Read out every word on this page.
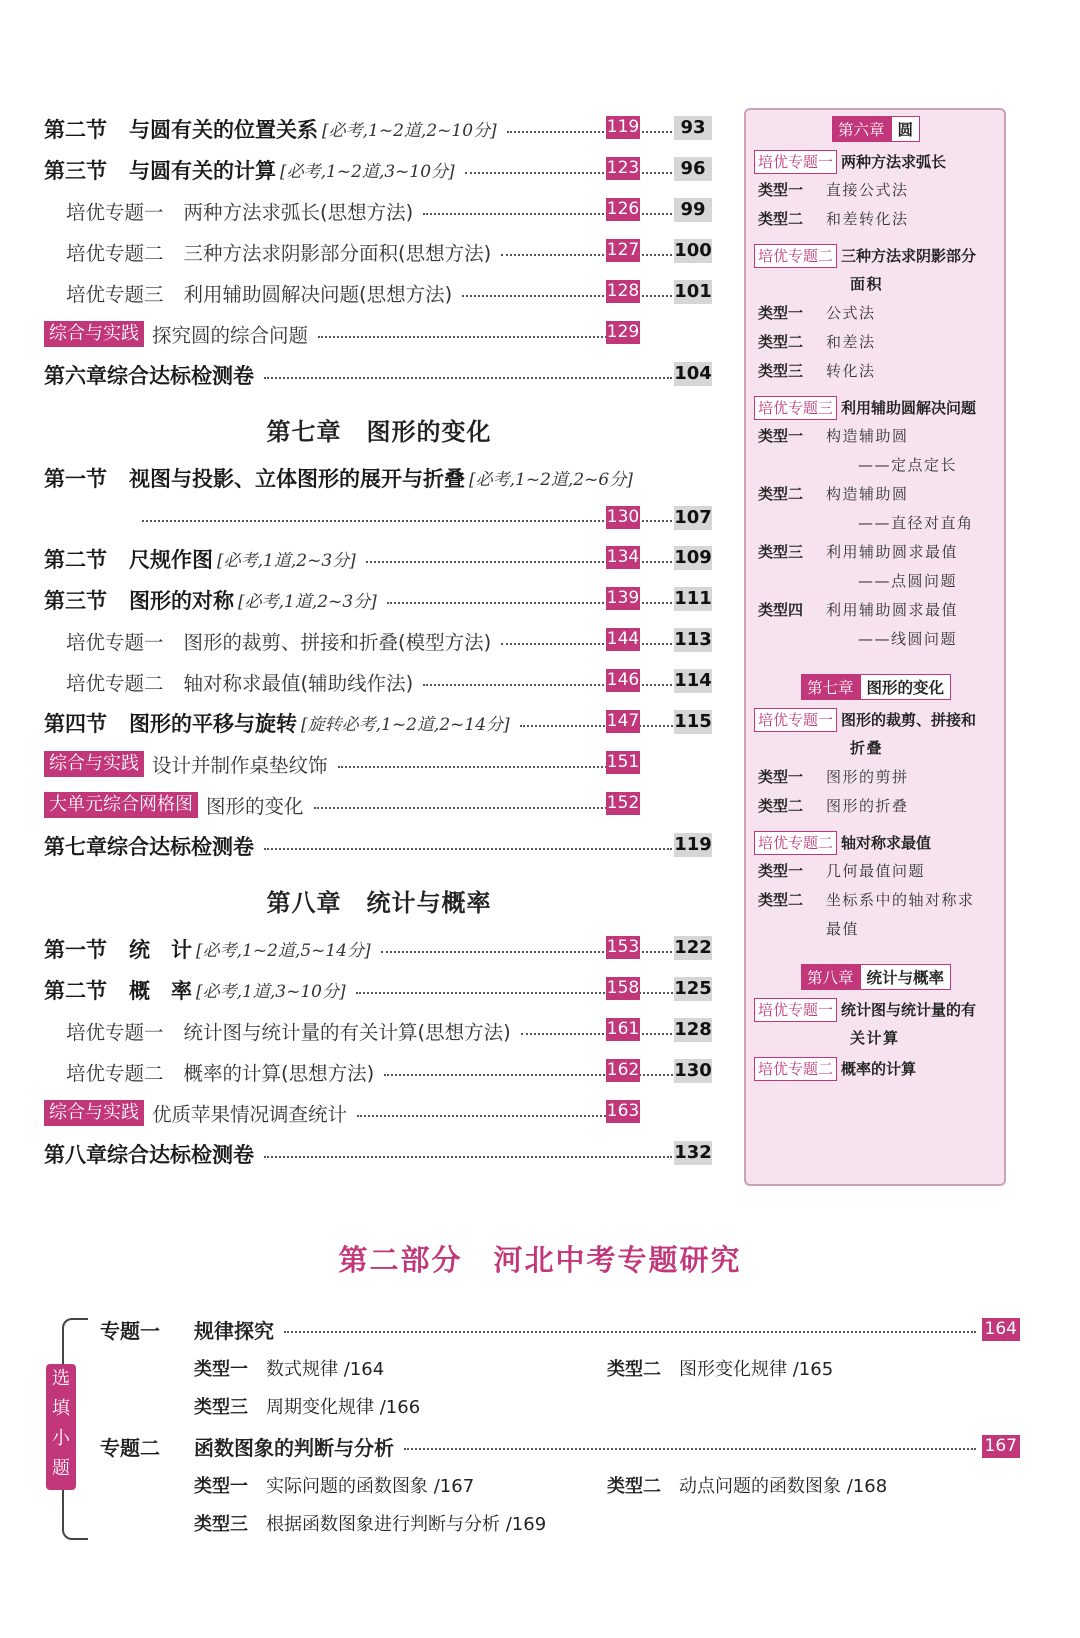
第二节 与圆有关的位置关系 [必考,1~2道,2~10分]	119	93
第三节 与圆有关的计算 [必考,1~2道,3~10分]	123	96
培优专题一 两种方法求弧长(思想方法)	126	99
培优专题二 三种方法求阴影部分面积(思想方法)	127 100
培优专题三 利用辅助圆解决问题(思想方法)	128 101
综合与实践 探究圆的综合问题	129
第六章综合达标检测卷	104
第七章　图形的变化
第一节 视图与投影、立体图形的展开与折叠 [必考,1~2道,2~6分]
130 107
第二节 尺规作图 [必考,1道,2~3分]	134 109
第三节 图形的对称 [必考,1道,2~3分]	139 111
培优专题一 图形的裁剪、拼接和折叠(模型方法)	144 113
培优专题二 轴对称求最值(辅助线作法)	146 114
第四节 图形的平移与旋转 [旋转必考,1~2道,2~14分]	147 115
综合与实践 设计并制作桌垫纹饰	151
大单元综合网格图 图形的变化	152
第七章综合达标检测卷	119
第八章　统计与概率
第一节 统　计 [必考,1~2道,5~14分]	153 122
第二节 概　率 [必考,1道,3~10分]	158 125
培优专题一 统计图与统计量的有关计算(思想方法)	161 128
培优专题二 概率的计算(思想方法)	162 130
综合与实践 优质苹果情况调查统计	163
第八章综合达标检测卷	132
第六章 圆
培优专题一 两种方法求弧长
类型一	直接公式法
类型二	和差转化法
培优专题二 三种方法求阴影部分
面积
类型一	公式法
类型二	和差法
类型三	转化法
培优专题三 利用辅助圆解决问题
类型一	构造辅助圆
——定点定长
类型二	构造辅助圆
——直径对直角
类型三	利用辅助圆求最值
——点圆问题
类型四	利用辅助圆求最值
——线圆问题
第七章 图形的变化
培优专题一 图形的裁剪、拼接和
折叠
类型一	图形的剪拼
类型二	图形的折叠
培优专题二 轴对称求最值
类型一	几何最值问题
类型二	坐标系中的轴对称求
最值
第八章 统计与概率
培优专题一 统计图与统计量的有
关计算
培优专题二 概率的计算
第二部分　河北中考专题研究
选填小题
专题一	规律探究	164
类型一 数式规律 /164	类型二 图形变化规律 /165
类型三 周期变化规律 /166
专题二	函数图象的判断与分析	167
类型一 实际问题的函数图象 /167	类型二 动点问题的函数图象 /168
类型三 根据函数图象进行判断与分析 /169
